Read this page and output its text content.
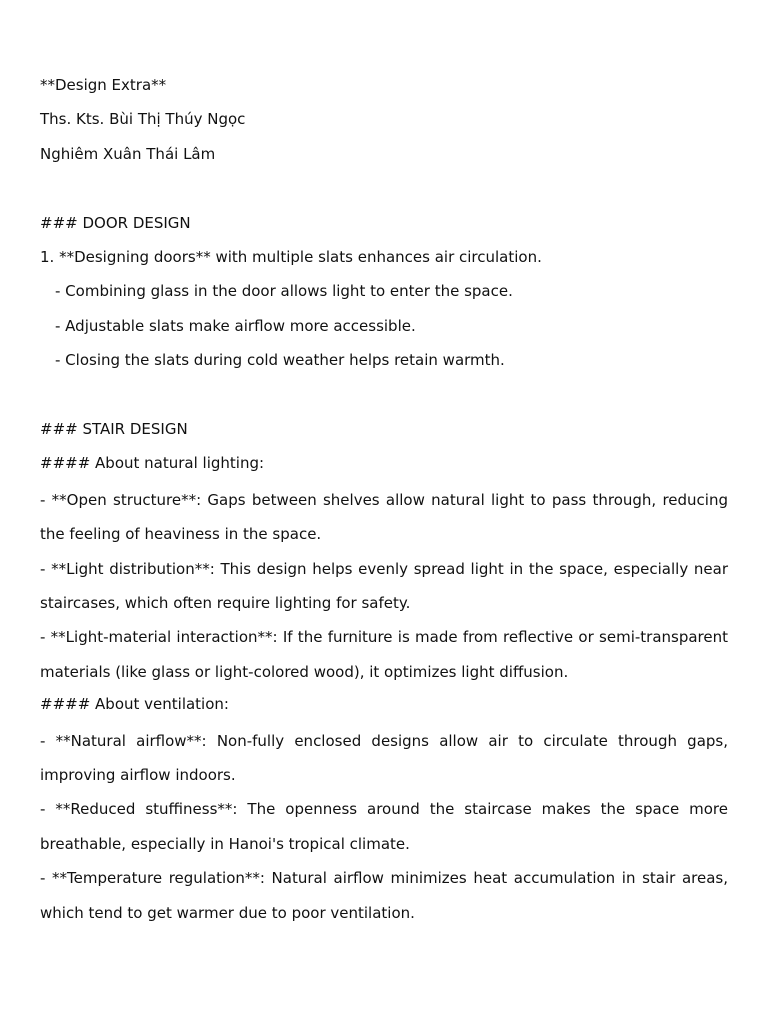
**Design Extra**
Ths. Kts. Bùi Thị Thúy Ngọc
Nghiêm Xuân Thái Lâm
### DOOR DESIGN
1. **Designing doors** with multiple slats enhances air circulation.
- Combining glass in the door allows light to enter the space.
- Adjustable slats make airflow more accessible.
- Closing the slats during cold weather helps retain warmth.
### STAIR DESIGN
#### About natural lighting:
- **Open structure**: Gaps between shelves allow natural light to pass through, reducing the feeling of heaviness in the space.
- **Light distribution**: This design helps evenly spread light in the space, especially near staircases, which often require lighting for safety.
- **Light-material interaction**: If the furniture is made from reflective or semi-transparent materials (like glass or light-colored wood), it optimizes light diffusion.
#### About ventilation:
- **Natural airflow**: Non-fully enclosed designs allow air to circulate through gaps, improving airflow indoors.
- **Reduced stuffiness**: The openness around the staircase makes the space more breathable, especially in Hanoi's tropical climate.
- **Temperature regulation**: Natural airflow minimizes heat accumulation in stair areas, which tend to get warmer due to poor ventilation.
